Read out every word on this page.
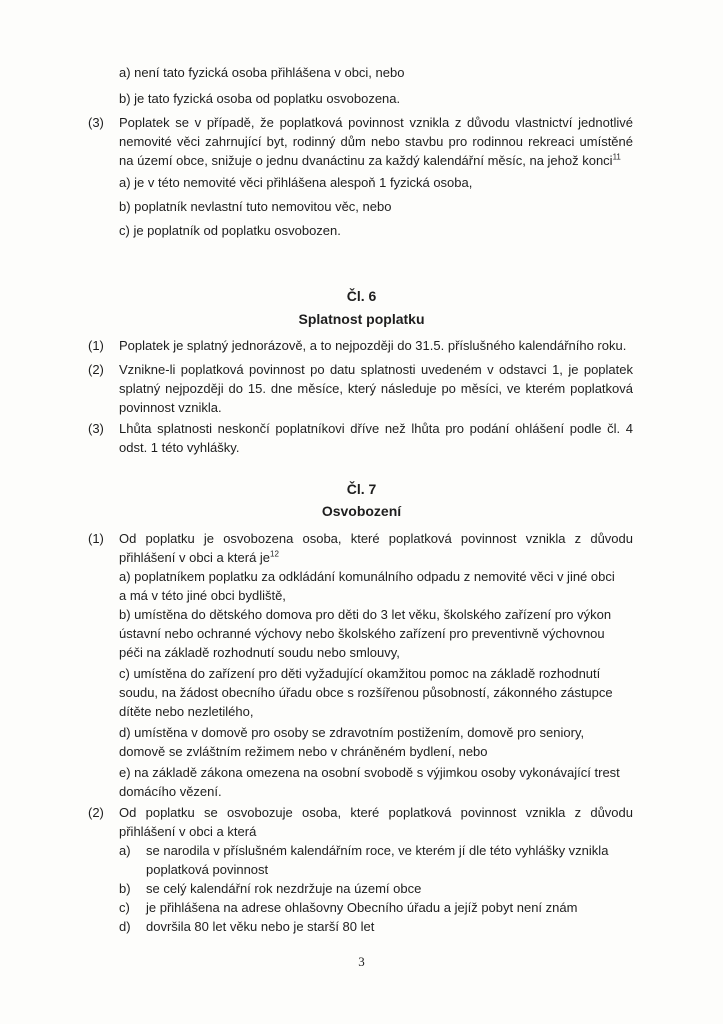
a) není tato fyzická osoba přihlášena v obci, nebo
b) je tato fyzická osoba od poplatku osvobozena.
(3) Poplatek se v případě, že poplatková povinnost vznikla z důvodu vlastnictví jednotlivé
nemovité věci zahrnující byt, rodinný dům nebo stavbu pro rodinnou rekreaci umístěné
na území obce, snižuje o jednu dvanáctinu za každý kalendářní měsíc, na jehož konci$^{11}$
a) je v této nemovité věci přihlášena alespoň 1 fyzická osoba,
b) poplatník nevlastní tuto nemovitou věc, nebo
c) je poplatník od poplatku osvobozen.
Čl. 6
Splatnost poplatku
(1) Poplatek je splatný jednorázově, a to nejpozději do 31.5. příslušného kalendářního roku.
(2) Vznikne-li poplatková povinnost po datu splatnosti uvedeném v odstavci 1, je poplatek
splatný nejpozději do 15. dne měsíce, který následuje po měsíci, ve kterém poplatková
povinnost vznikla.
(3) Lhůta splatnosti neskončí poplatníkovi dříve než lhůta pro podání ohlášení podle čl. 4
odst. 1 této vyhlášky.
Čl. 7
Osvobození
(1) Od poplatku je osvobozena osoba, které poplatková povinnost vznikla z důvodu
přihlášení v obci a která $je^{12}$
a) poplatníkem poplatku za odkládání komunálního odpadu z nemovité věci v jiné obci
a má v této jiné obci bydliště,
b) umístěna do dětského domova pro děti do 3 let věku, školského zařízení pro výkon
ústavní nebo ochranné výchovy nebo školského zařízení pro preventivně výchovnou
péči na základě rozhodnutí soudu nebo smlouvy,
c) umístěna do zařízení pro děti vyžadující okamžitou pomoc na základě rozhodnutí
soudu, na žádost obecního úřadu obce s rozšířenou působností, zákonného zástupce
dítěte nebo nezletilého,
d) umístěna v domově pro osoby se zdravotním postižením, domově pro seniory,
domově se zvláštním režimem nebo v chráněném bydlení, nebo
e) na základě zákona omezena na osobní svobodě s výjimkou osoby vykonávající trest
domácího vězení.
(2) Od poplatku se osvobozuje osoba, které poplatková povinnost vznikla z důvodu
přihlášení v obci a která
a) se narodila v příslušném kalendářním roce, ve kterém jí dle této vyhlášky vznikla
poplatková povinnost
b) se celý kalendářní rok nezdržuje na území obce
c) je přihlášena na adrese ohlašovny Obecního úřadu a jejíž pobyt není znám
d) dovršila 80 let věku nebo je starší 80 let
3
